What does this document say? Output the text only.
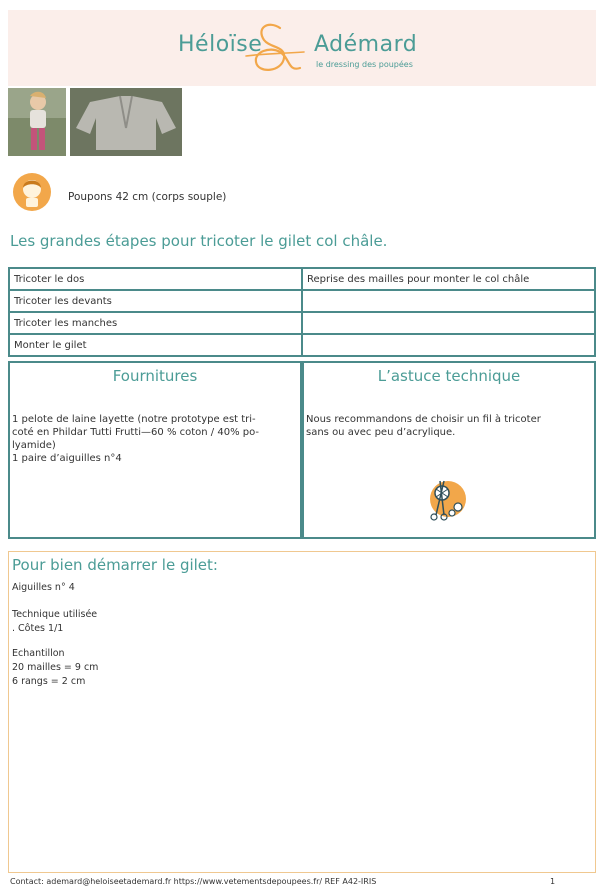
Héloïse Adémard
le dressing des poupées
Poupons 42 cm (corps souple)
Les grandes étapes pour tricoter le gilet col châle.
Tricoter le dos	Reprise des mailles pour monter le col châle
Tricoter les devants	
Tricoter les manches	
Monter le gilet	
Fournitures
1 pelote de laine layette (notre prototype est tri-
coté en Phildar Tutti Frutti—60 % coton / 40% po-
lyamide)
1 paire d’aiguilles n°4
L’astuce technique
Nous recommandons de choisir un fil à tricoter
sans ou avec peu d’acrylique.
Pour bien démarrer le gilet:
Aiguilles n° 4
Technique utilisée
. Côtes 1/1
Echantillon
20 mailles = 9 cm
6 rangs = 2 cm
Contact: ademard@heloiseetademard.fr https://www.vetementsdepoupees.fr/ REF A42-IRIS	1
